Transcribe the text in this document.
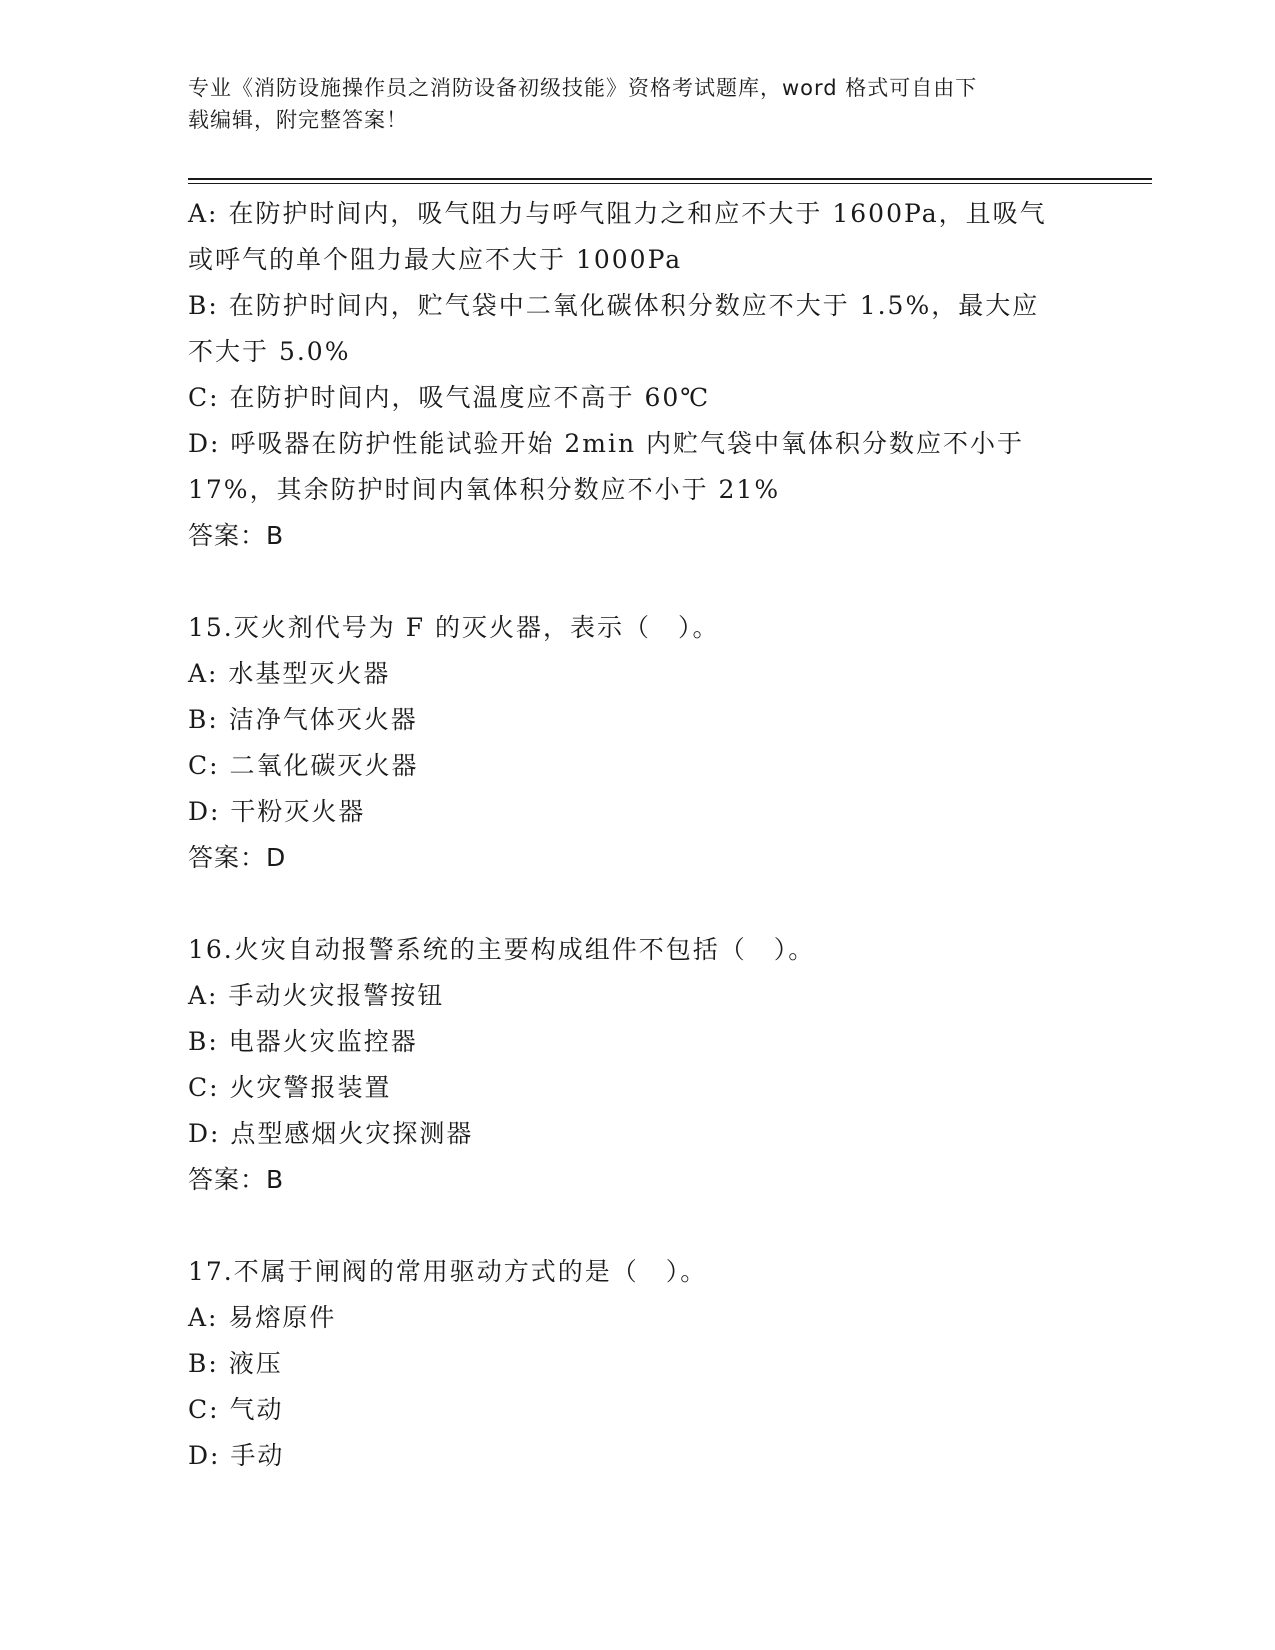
专业《消防设施操作员之消防设备初级技能》资格考试题库，word 格式可自由下
载编辑，附完整答案！
A: 在防护时间内，吸气阻力与呼气阻力之和应不大于 1600Pa，且吸气
或呼气的单个阻力最大应不大于 1000Pa
B: 在防护时间内，贮气袋中二氧化碳体积分数应不大于 1.5%，最大应
不大于 5.0%
C: 在防护时间内，吸气温度应不高于 60℃
D: 呼吸器在防护性能试验开始 2min 内贮气袋中氧体积分数应不小于
17%，其余防护时间内氧体积分数应不小于 21%
答案：B
15.灭火剂代号为 F 的灭火器，表示（　）。
A: 水基型灭火器
B: 洁净气体灭火器
C: 二氧化碳灭火器
D: 干粉灭火器
答案：D
16.火灾自动报警系统的主要构成组件不包括（　）。
A: 手动火灾报警按钮
B: 电器火灾监控器
C: 火灾警报装置
D: 点型感烟火灾探测器
答案：B
17.不属于闸阀的常用驱动方式的是（　）。
A: 易熔原件
B: 液压
C: 气动
D: 手动
